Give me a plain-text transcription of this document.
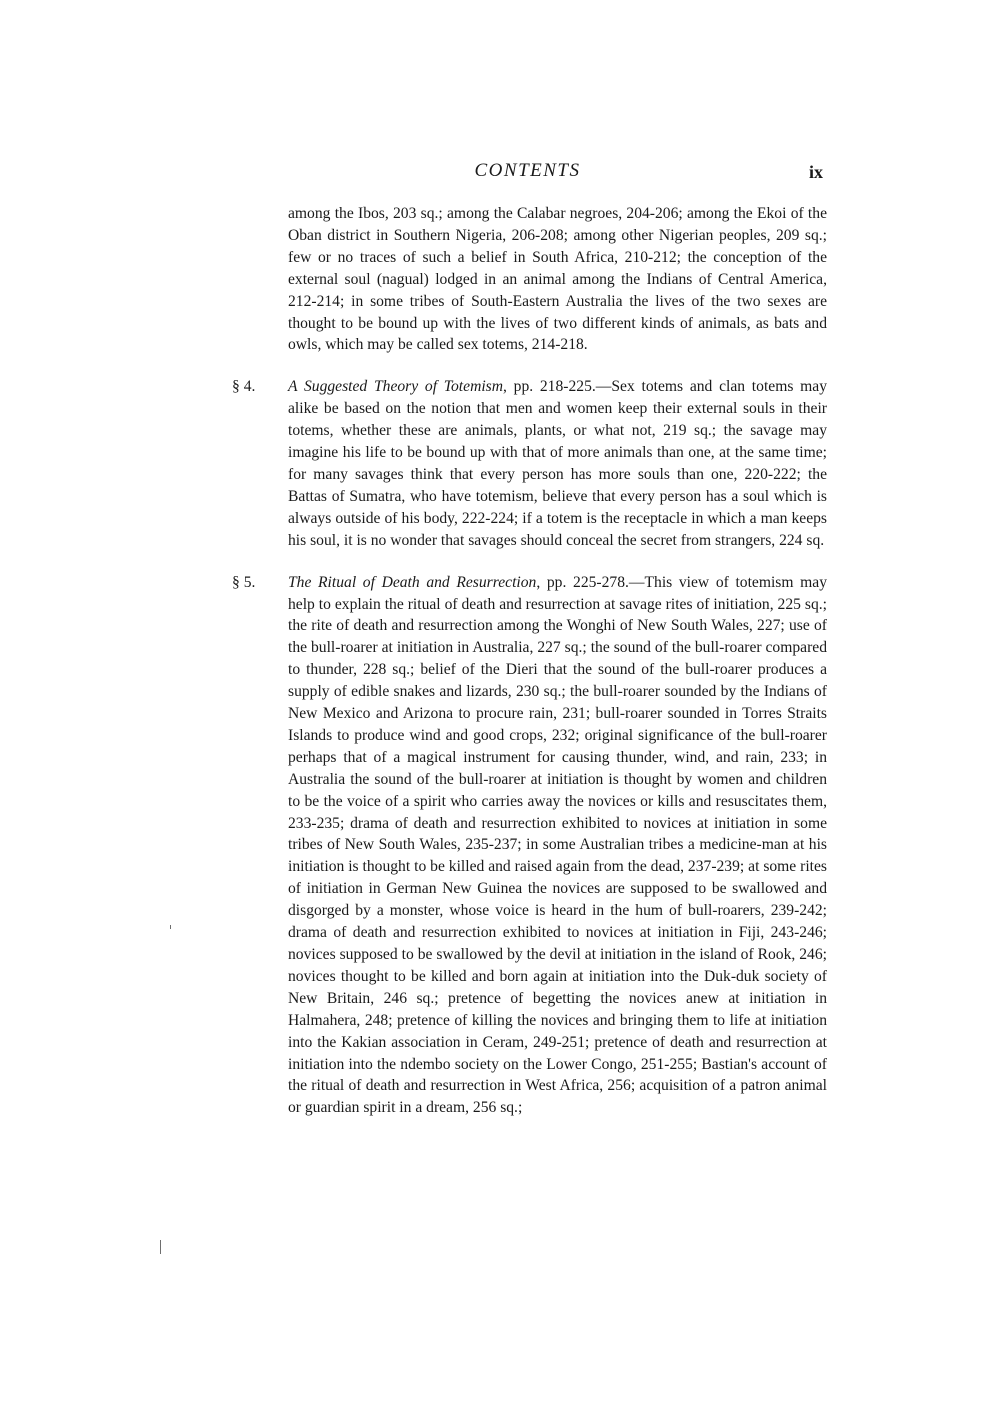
CONTENTS	ix

among the Ibos, 203 sq.; among the Calabar negroes, 204-206; among the Ekoi of the Oban district in Southern Nigeria, 206-208; among other Nigerian peoples, 209 sq.; few or no traces of such a belief in South Africa, 210-212; the conception of the external soul (nagual) lodged in an animal among the Indians of Central America, 212-214; in some tribes of South-Eastern Australia the lives of the two sexes are thought to be bound up with the lives of two different kinds of animals, as bats and owls, which may be called sex totems, 214-218.

§ 4. A Suggested Theory of Totemism, pp. 218-225.—Sex totems and clan totems may alike be based on the notion that men and women keep their external souls in their totems, whether these are animals, plants, or what not, 219 sq.; the savage may imagine his life to be bound up with that of more animals than one, at the same time; for many savages think that every person has more souls than one, 220-222; the Battas of Sumatra, who have totemism, believe that every person has a soul which is always outside of his body, 222-224; if a totem is the receptacle in which a man keeps his soul, it is no wonder that savages should conceal the secret from strangers, 224 sq.

§ 5. The Ritual of Death and Resurrection, pp. 225-278.—This view of totemism may help to explain the ritual of death and resurrection at savage rites of initiation, 225 sq.; the rite of death and resurrection among the Wonghi of New South Wales, 227; use of the bull-roarer at initiation in Australia, 227 sq.; the sound of the bull-roarer compared to thunder, 228 sq.; belief of the Dieri that the sound of the bull-roarer produces a supply of edible snakes and lizards, 230 sq.; the bull-roarer sounded by the Indians of New Mexico and Arizona to procure rain, 231; bull-roarer sounded in Torres Straits Islands to produce wind and good crops, 232; original significance of the bull-roarer perhaps that of a magical instrument for causing thunder, wind, and rain, 233; in Australia the sound of the bull-roarer at initiation is thought by women and children to be the voice of a spirit who carries away the novices or kills and resuscitates them, 233-235; drama of death and resurrection exhibited to novices at initiation in some tribes of New South Wales, 235-237; in some Australian tribes a medicine-man at his initiation is thought to be killed and raised again from the dead, 237-239; at some rites of initiation in German New Guinea the novices are supposed to be swallowed and disgorged by a monster, whose voice is heard in the hum of bull-roarers, 239-242; drama of death and resurrection exhibited to novices at initiation in Fiji, 243-246; novices supposed to be swallowed by the devil at initiation in the island of Rook, 246; novices thought to be killed and born again at initiation into the Duk-duk society of New Britain, 246 sq.; pretence of begetting the novices anew at initiation in Halmahera, 248; pretence of killing the novices and bringing them to life at initiation into the Kakian association in Ceram, 249-251; pretence of death and resurrection at initiation into the ndembo society on the Lower Congo, 251-255; Bastian's account of the ritual of death and resurrection in West Africa, 256; acquisition of a patron animal or guardian spirit in a dream, 256 sq.;
